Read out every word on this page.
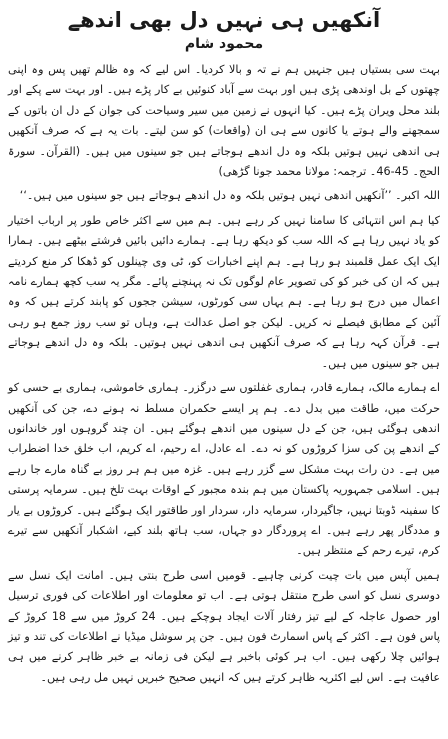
آنکھیں ہی نہیں دل بھی اندھے
محمود شام

بہت سی بستیاں ہیں جنہیں ہم نے تہ و بالا کردیا۔ اس لیے کہ وہ ظالم تھیں پس وہ اپنی چھتوں کے بل اوندھی پڑی ہیں اور بہت سے آباد کنوئیں بے کار پڑے ہیں۔ اور بہت سے پکے اور بلند محل ویران پڑے ہیں۔ کیا انہوں نے زمین میں سیر وسیاحت کی جوان کے دل ان باتوں کے سمجھنے والے ہوتے یا کانوں سے ہی ان (واقعات) کو سن لیتے۔ بات یہ ہے کہ صرف آنکھیں ہی اندھی نہیں ہوتیں بلکہ وہ دل اندھے ہوجاتے ہیں جو سینوں میں ہیں۔ (القرآن۔ سورۃ الحج۔ 45-46۔ ترجمہ: مولانا محمد جونا گڑھی)

اللہ اکبر۔ ’’آنکھیں اندھی نہیں ہوتیں بلکہ وہ دل اندھے ہوجاتے ہیں جو سینوں میں ہیں۔‘‘

کیا ہم اس انتہائی کا سامنا نہیں کر رہے ہیں۔ ہم میں سے اکثر خاص طور پر ارباب اختیار کو یاد نہیں رہا ہے کہ اللہ سب کو دیکھ رہا ہے۔ ہمارے دائیں بائیں فرشتے بیٹھے ہیں۔ ہمارا ایک ایک عمل قلمبند ہو رہا ہے۔ ہم اپنے اخبارات کو، ٹی وی چینلوں کو ڈھکا کر منع کردیتے ہیں کہ ان کی خبر کو کی تصویر عام لوگوں تک نہ پہنچنے پائے۔ مگر یہ سب کچھ ہمارے نامہ اعمال میں درج ہو رہا ہے۔ ہم یہاں سی کورٹوں، سیشن ججوں کو پابند کرتے ہیں کہ وہ آئین کے مطابق فیصلے نہ کریں۔ لیکن جو اصل عدالت ہے، وہاں تو سب روز جمع ہو رہی ہے۔ قرآن کہہ رہا ہے کہ صرف آنکھیں ہی اندھی نہیں ہوتیں۔ بلکہ وہ دل اندھے ہوجاتے ہیں جو سینوں میں ہیں۔

اے ہمارے مالک، ہمارے قادر، ہماری غفلتوں سے درگزر۔ ہماری خاموشی، ہماری بے حسی کو حرکت میں، طاقت میں بدل دے۔ ہم پر ایسے حکمران مسلط نہ ہونے دے، جن کی آنکھیں اندھی ہوگئی ہیں، جن کے دل سینوں میں اندھے ہوگئے ہیں۔ ان چند گروہوں اور خاندانوں کے اندھے پن کی سزا کروڑوں کو نہ دے۔ اے عادل، اے رحیم، اے کریم، اب خلق خدا اضطراب میں ہے۔ دن رات بہت مشکل سے گزر رہے ہیں۔ غزہ میں ہم ہر روز بے گناہ مارے جا رہے ہیں۔ اسلامی جمہوریہ پاکستان میں ہم بندہ مجبور کے اوقات بہت تلخ ہیں۔ سرمایہ پرستی کا سفینہ ڈوبتا نہیں، جاگیردار، سرمایہ دار، سردار اور طاقتور ایک ہوگئے ہیں۔ کروڑوں بے یار و مددگار پھر رہے ہیں۔ اے پروردگار دو جہاں، سب ہاتھ بلند کیے، اشکبار آنکھیں سے تیرے کرم، تیرے رحم کے منتظر ہیں۔

ہمیں آپس میں بات چیت کرنی چاہیے۔ قومیں اسی طرح بنتی ہیں۔ امانت ایک نسل سے دوسری نسل کو اسی طرح منتقل ہوتی ہے۔ اب تو معلومات اور اطلاعات کی فوری ترسیل اور حصول عاجلہ کے لیے تیز رفتار آلات ایجاد ہوچکے ہیں۔ 24 کروڑ میں سے 18 کروڑ کے پاس فون ہے۔ اکثر کے پاس اسمارٹ فون ہیں۔ جن پر سوشل میڈیا نے اطلاعات کی تند و تیز ہوائیں چلا رکھی ہیں۔ اب ہر کوئی باخبر ہے لیکن فی زمانہ بے خبر ظاہر کرنے میں ہی عافیت ہے۔ اس لیے اکثریہ ظاہر کرتے ہیں کہ انہیں صحیح خبریں نہیں مل رہی ہیں۔
